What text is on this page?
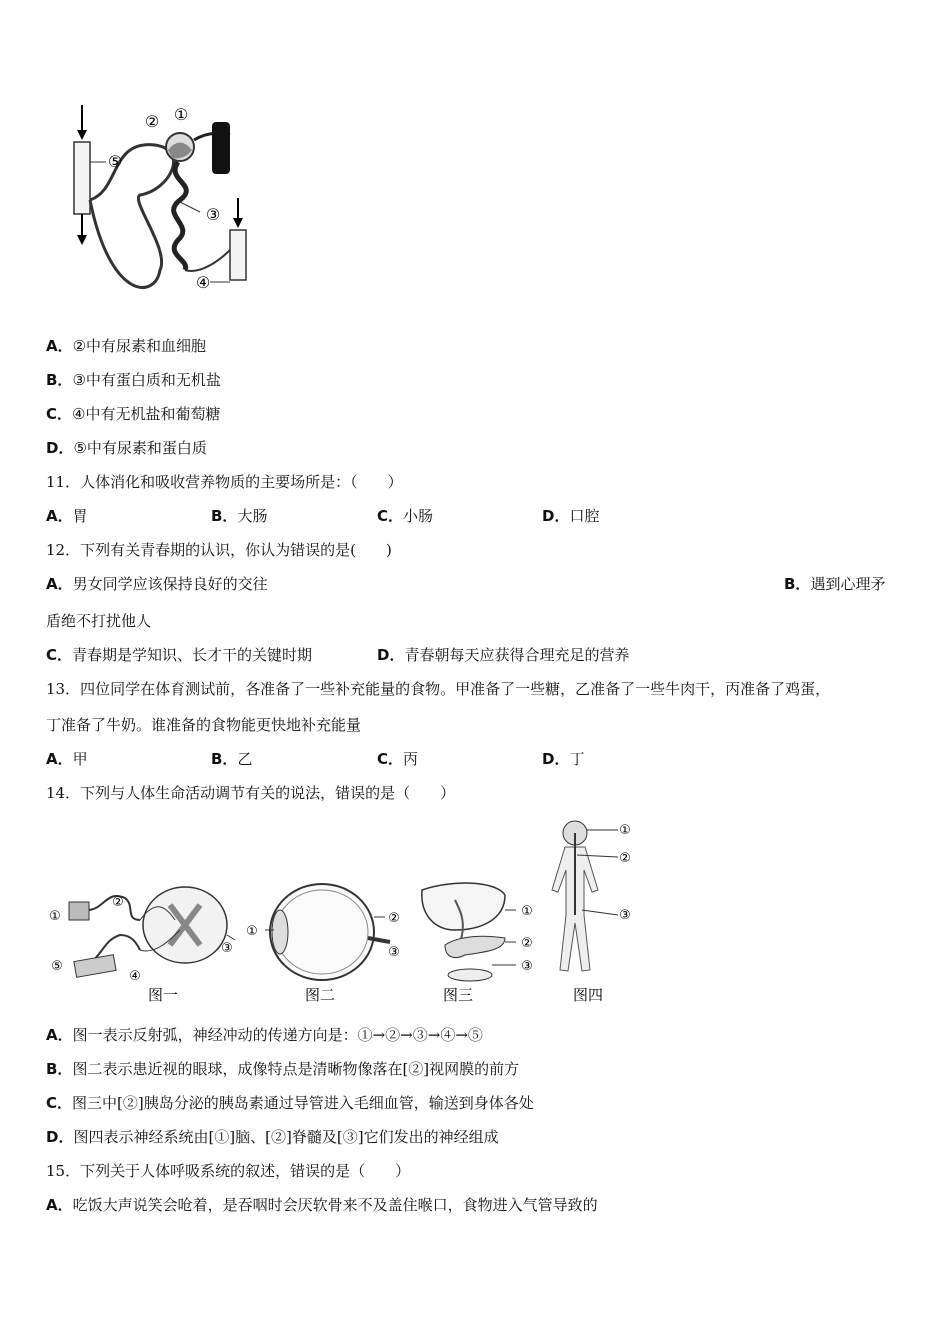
①
②
③
④
⑤
A．②中有尿素和血细胞
B．③中有蛋白质和无机盐
C．④中有无机盐和葡萄糖
D．⑤中有尿素和蛋白质
11．人体消化和吸收营养物质的主要场所是：（　　）
A．胃	B．大肠	C．小肠	D．口腔
12．下列有关青春期的认识，你认为错误的是(　　)
A．男女同学应该保持良好的交往	B．遇到心理矛
盾绝不打扰他人
C．青春期是学知识、长才干的关键时期	D．青春朝每天应获得合理充足的营养
13．四位同学在体育测试前，各准备了一些补充能量的食物。甲准备了一些糖，乙准备了一些牛肉干，丙准备了鸡蛋，
丁准备了牛奶。谁准备的食物能更快地补充能量
A．甲	B．乙	C．丙	D．丁
14．下列与人体生命活动调节有关的说法，错误的是（　　）
①
②
③
④
⑤
图一
①
②
③
图二
①
②
③
图三
①
②
③
图四
A．图一表示反射弧，神经冲动的传递方向是：①→②→③→④→⑤
B．图二表示患近视的眼球，成像特点是清晰物像落在[②]视网膜的前方
C．图三中[②]胰岛分泌的胰岛素通过导管进入毛细血管，输送到身体各处
D．图四表示神经系统由[①]脑、[②]脊髓及[③]它们发出的神经组成
15．下列关于人体呼吸系统的叙述，错误的是（　　）
A．吃饭大声说笑会呛着，是吞咽时会厌软骨来不及盖住喉口，食物进入气管导致的
